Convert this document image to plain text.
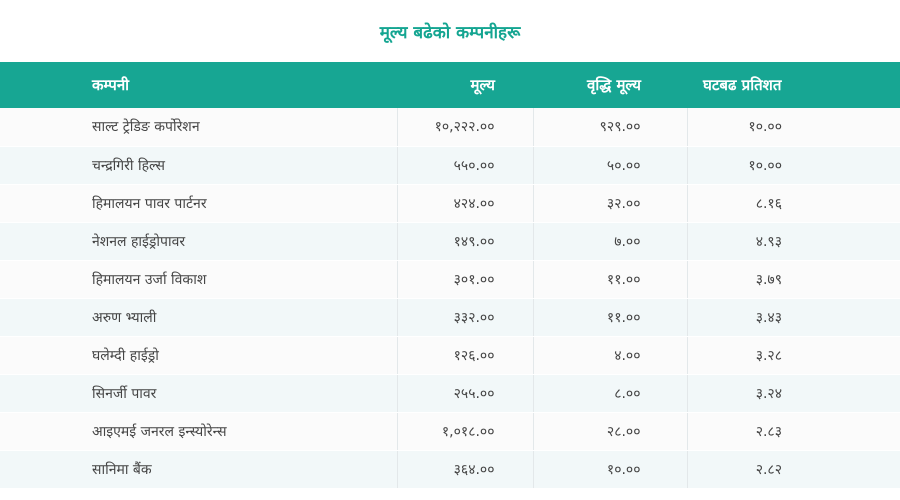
मूल्य बढेको कम्पनीहरू
कम्पनी	मूल्य	वृद्धि मूल्य	घटबढ प्रतिशत
साल्ट ट्रेडिङ कर्पोरेशन	१०,२२२.००	९२९.००	१०.००
चन्द्रगिरी हिल्स	५५०.००	५०.००	१०.००
हिमालयन पावर पार्टनर	४२४.००	३२.००	८.१६
नेशनल हाईड्रोपावर	१४९.००	७.००	४.९३
हिमालयन उर्जा विकाश	३०१.००	११.००	३.७९
अरुण भ्याली	३३२.००	११.००	३.४३
घलेम्दी हाईड्रो	१२६.००	४.००	३.२८
सिनर्जी पावर	२५५.००	८.००	३.२४
आइएमई जनरल इन्स्योरेन्स	१,०१८.००	२८.००	२.८३
सानिमा बैंक	३६४.००	१०.००	२.८२
